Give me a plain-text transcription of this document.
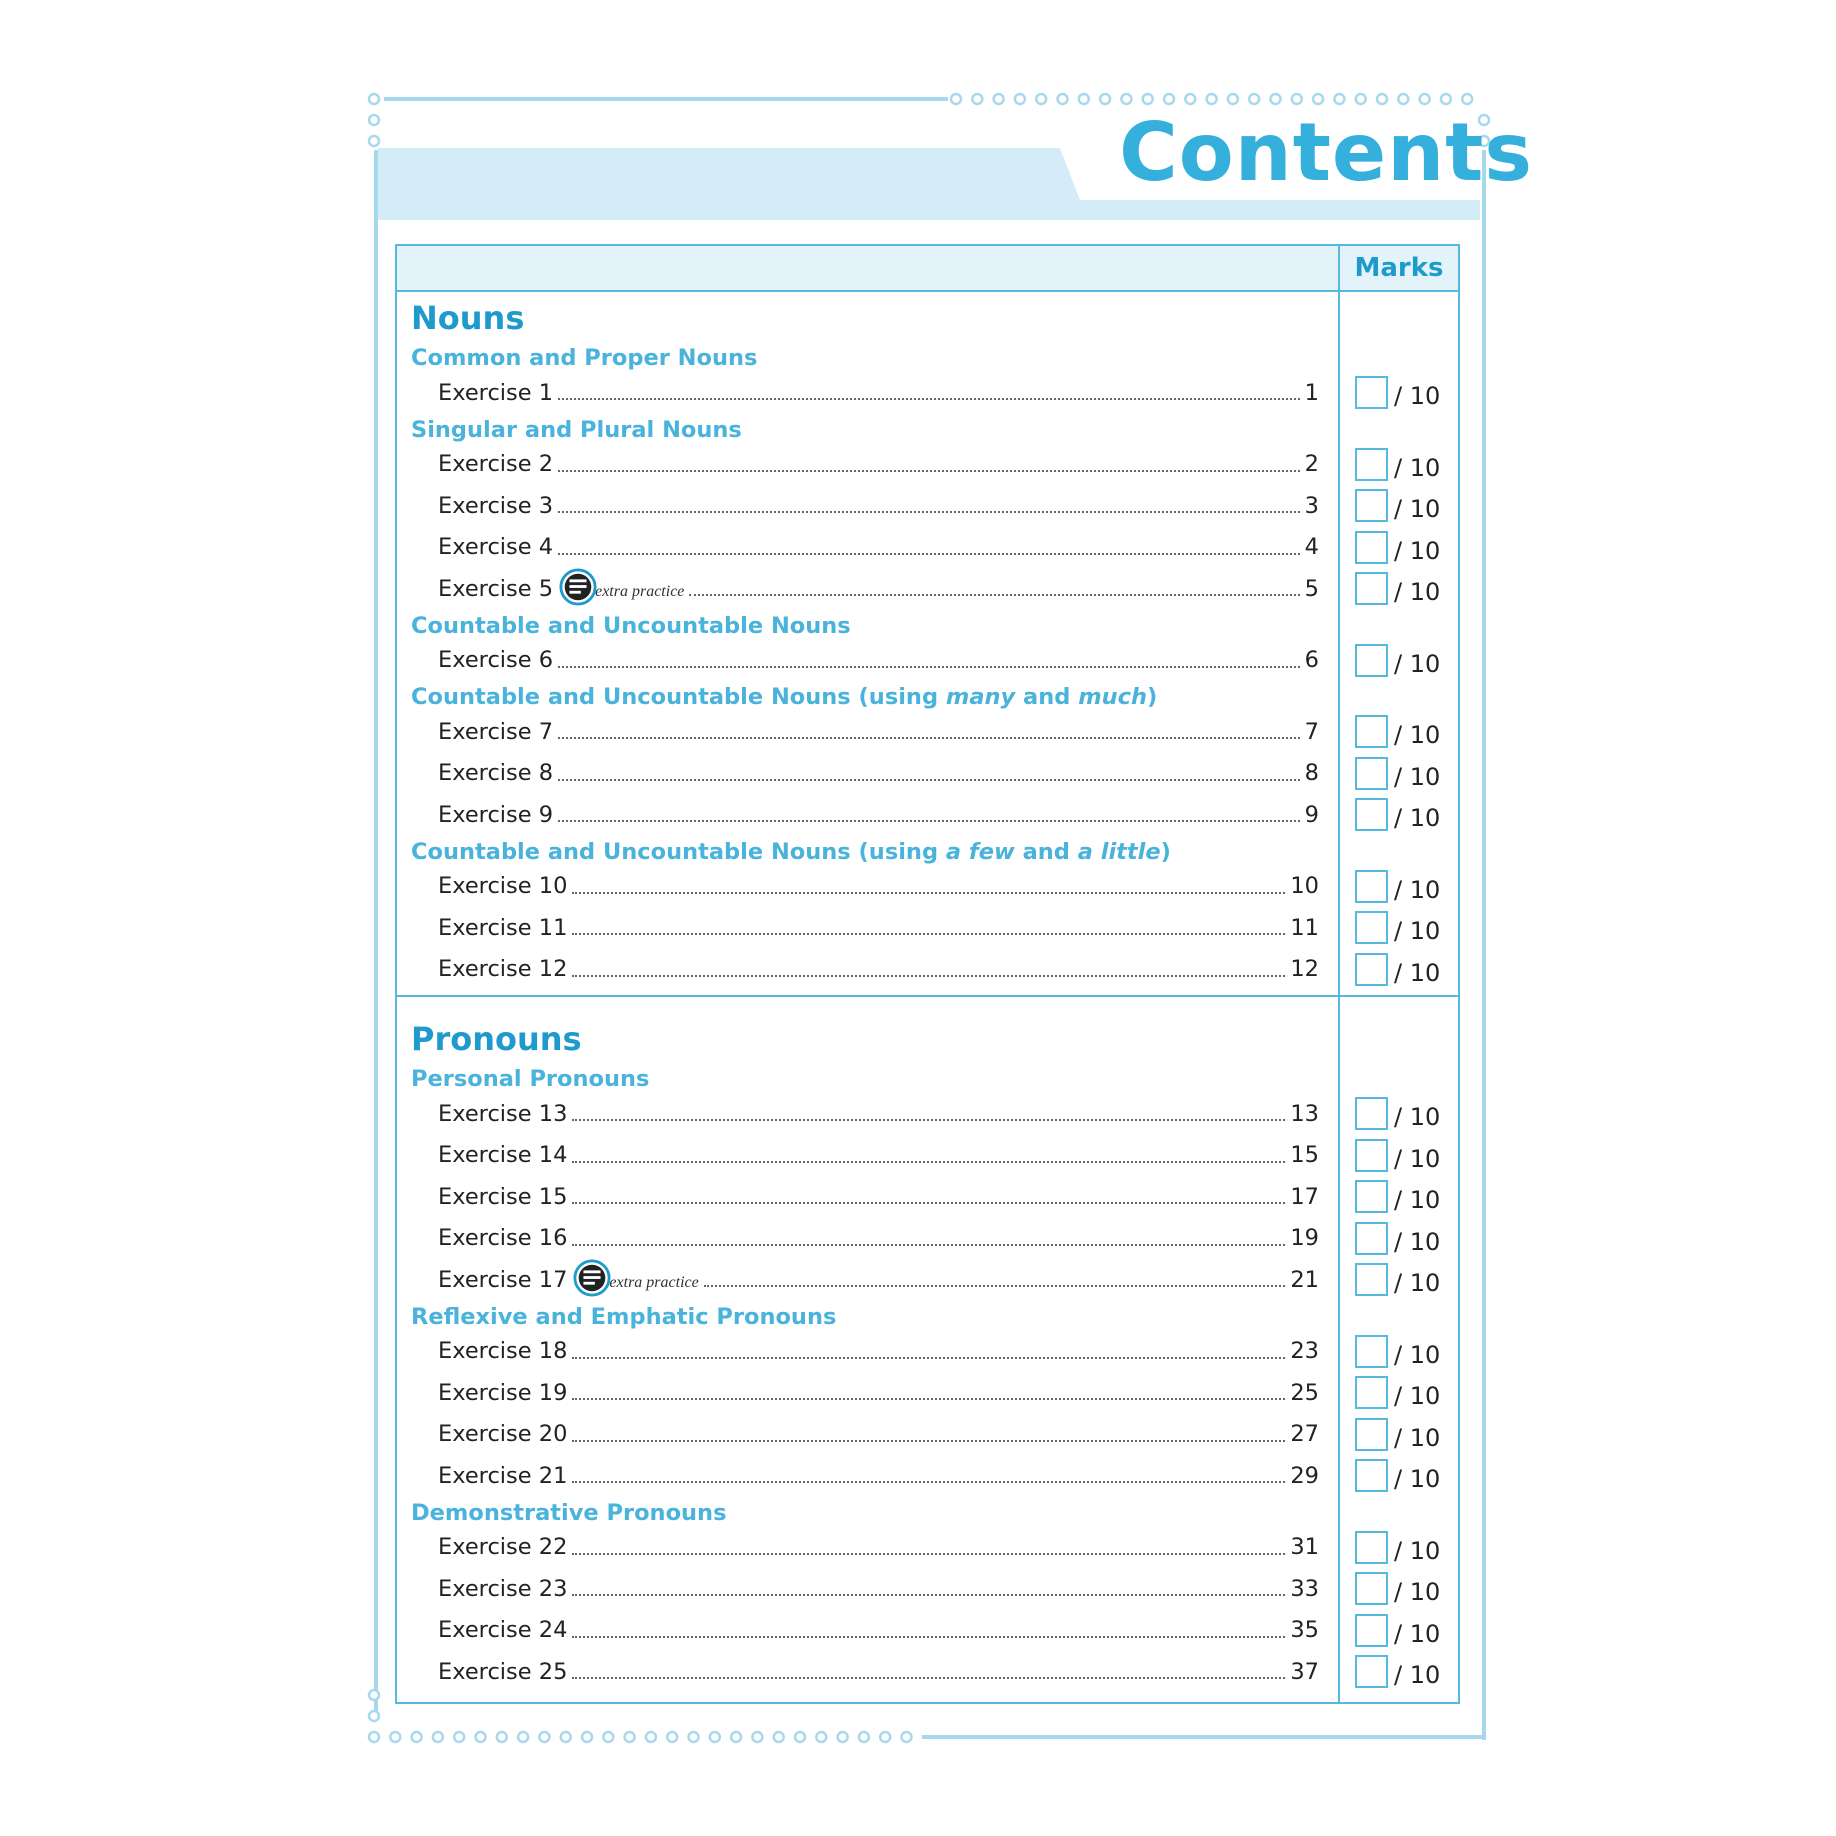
Contents
Marks
Nouns
Common and Proper Nouns
Exercise 1	1	/ 10
Singular and Plural Nouns
Exercise 2	2	/ 10
Exercise 3	3	/ 10
Exercise 4	4	/ 10
Exercise 5	extra practice	5	/ 10
Countable and Uncountable Nouns
Exercise 6	6	/ 10
Countable and Uncountable Nouns (using many and much)
Exercise 7	7	/ 10
Exercise 8	8	/ 10
Exercise 9	9	/ 10
Countable and Uncountable Nouns (using a few and a little)
Exercise 10	10	/ 10
Exercise 11	11	/ 10
Exercise 12	12	/ 10
Pronouns
Personal Pronouns
Exercise 13	13	/ 10
Exercise 14	15	/ 10
Exercise 15	17	/ 10
Exercise 16	19	/ 10
Exercise 17	extra practice	21	/ 10
Reflexive and Emphatic Pronouns
Exercise 18	23	/ 10
Exercise 19	25	/ 10
Exercise 20	27	/ 10
Exercise 21	29	/ 10
Demonstrative Pronouns
Exercise 22	31	/ 10
Exercise 23	33	/ 10
Exercise 24	35	/ 10
Exercise 25	37	/ 10
